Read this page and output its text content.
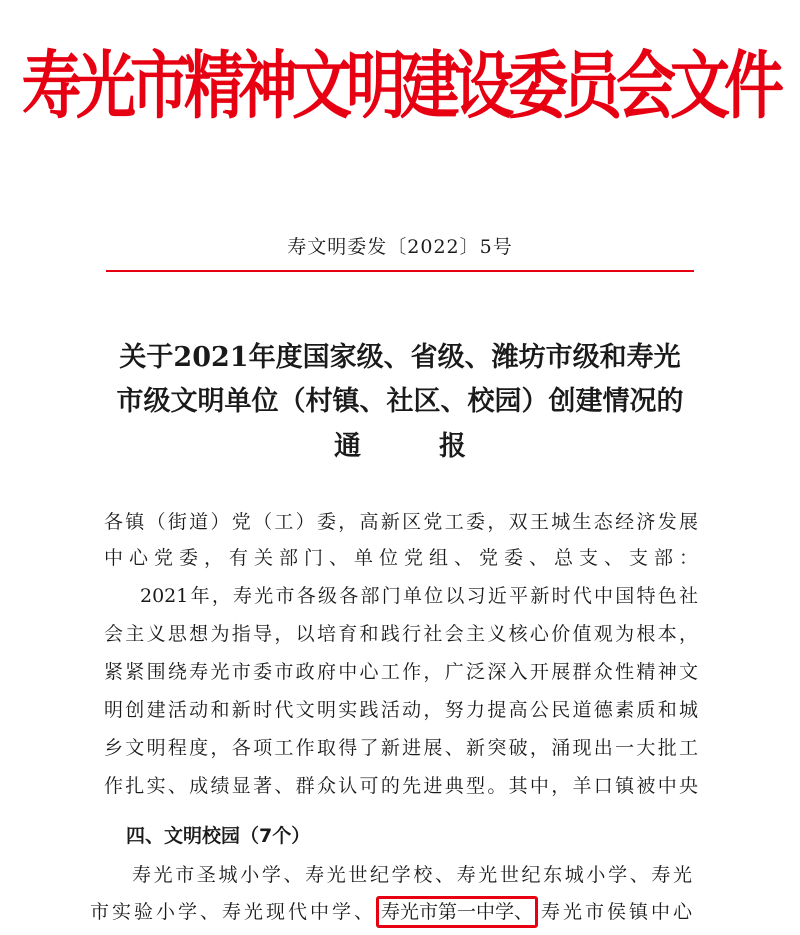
寿光市精神文明建设委员会文件
寿文明委发〔2022〕5号
关于2021年度国家级、省级、潍坊市级和寿光
市级文明单位（村镇、社区、校园）创建情况的
通	报
各镇（街道）党（工）委，高新区党工委，双王城生态经济发展
中心党委，有关部门、单位党组、党委、总支、支部：
2021年，寿光市各级各部门单位以习近平新时代中国特色社
会主义思想为指导，以培育和践行社会主义核心价值观为根本，
紧紧围绕寿光市委市政府中心工作，广泛深入开展群众性精神文
明创建活动和新时代文明实践活动，努力提高公民道德素质和城
乡文明程度，各项工作取得了新进展、新突破，涌现出一大批工
作扎实、成绩显著、群众认可的先进典型。其中，羊口镇被中央
四、文明校园（7个）
寿光市圣城小学、寿光世纪学校、寿光世纪东城小学、寿光
市实验小学、寿光现代中学、 寿光市第一中学、 寿光市侯镇中心
